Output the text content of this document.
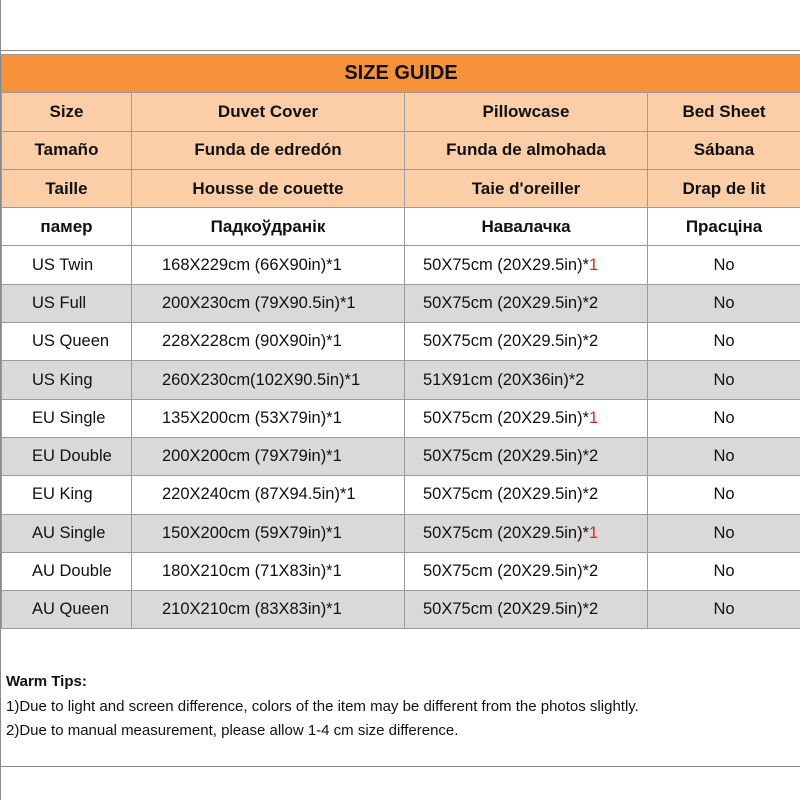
SIZE GUIDE			
Size	Duvet Cover	Pillowcase	Bed Sheet
Tamaño	Funda de edredón	Funda de almohada	Sábana
Taille	Housse de couette	Taie d'oreiller	Drap de lit
памер	Падкоўдранік	Навалачка	Прасціна
US Twin	168X229cm (66X90in)*1	50X75cm (20X29.5in)*1	No
US Full	200X230cm (79X90.5in)*1	50X75cm (20X29.5in)*2	No
US Queen	228X228cm (90X90in)*1	50X75cm (20X29.5in)*2	No
US King	260X230cm(102X90.5in)*1	51X91cm (20X36in)*2	No
EU Single	135X200cm (53X79in)*1	50X75cm (20X29.5in)*1	No
EU Double	200X200cm (79X79in)*1	50X75cm (20X29.5in)*2	No
EU King	220X240cm (87X94.5in)*1	50X75cm (20X29.5in)*2	No
AU Single	150X200cm (59X79in)*1	50X75cm (20X29.5in)*1	No
AU Double	180X210cm (71X83in)*1	50X75cm (20X29.5in)*2	No
AU Queen	210X210cm (83X83in)*1	50X75cm (20X29.5in)*2	No
Warm Tips:
1)Due to light and screen difference, colors of the item may be different from the photos slightly.
2)Due to manual measurement, please allow 1-4 cm size difference.
